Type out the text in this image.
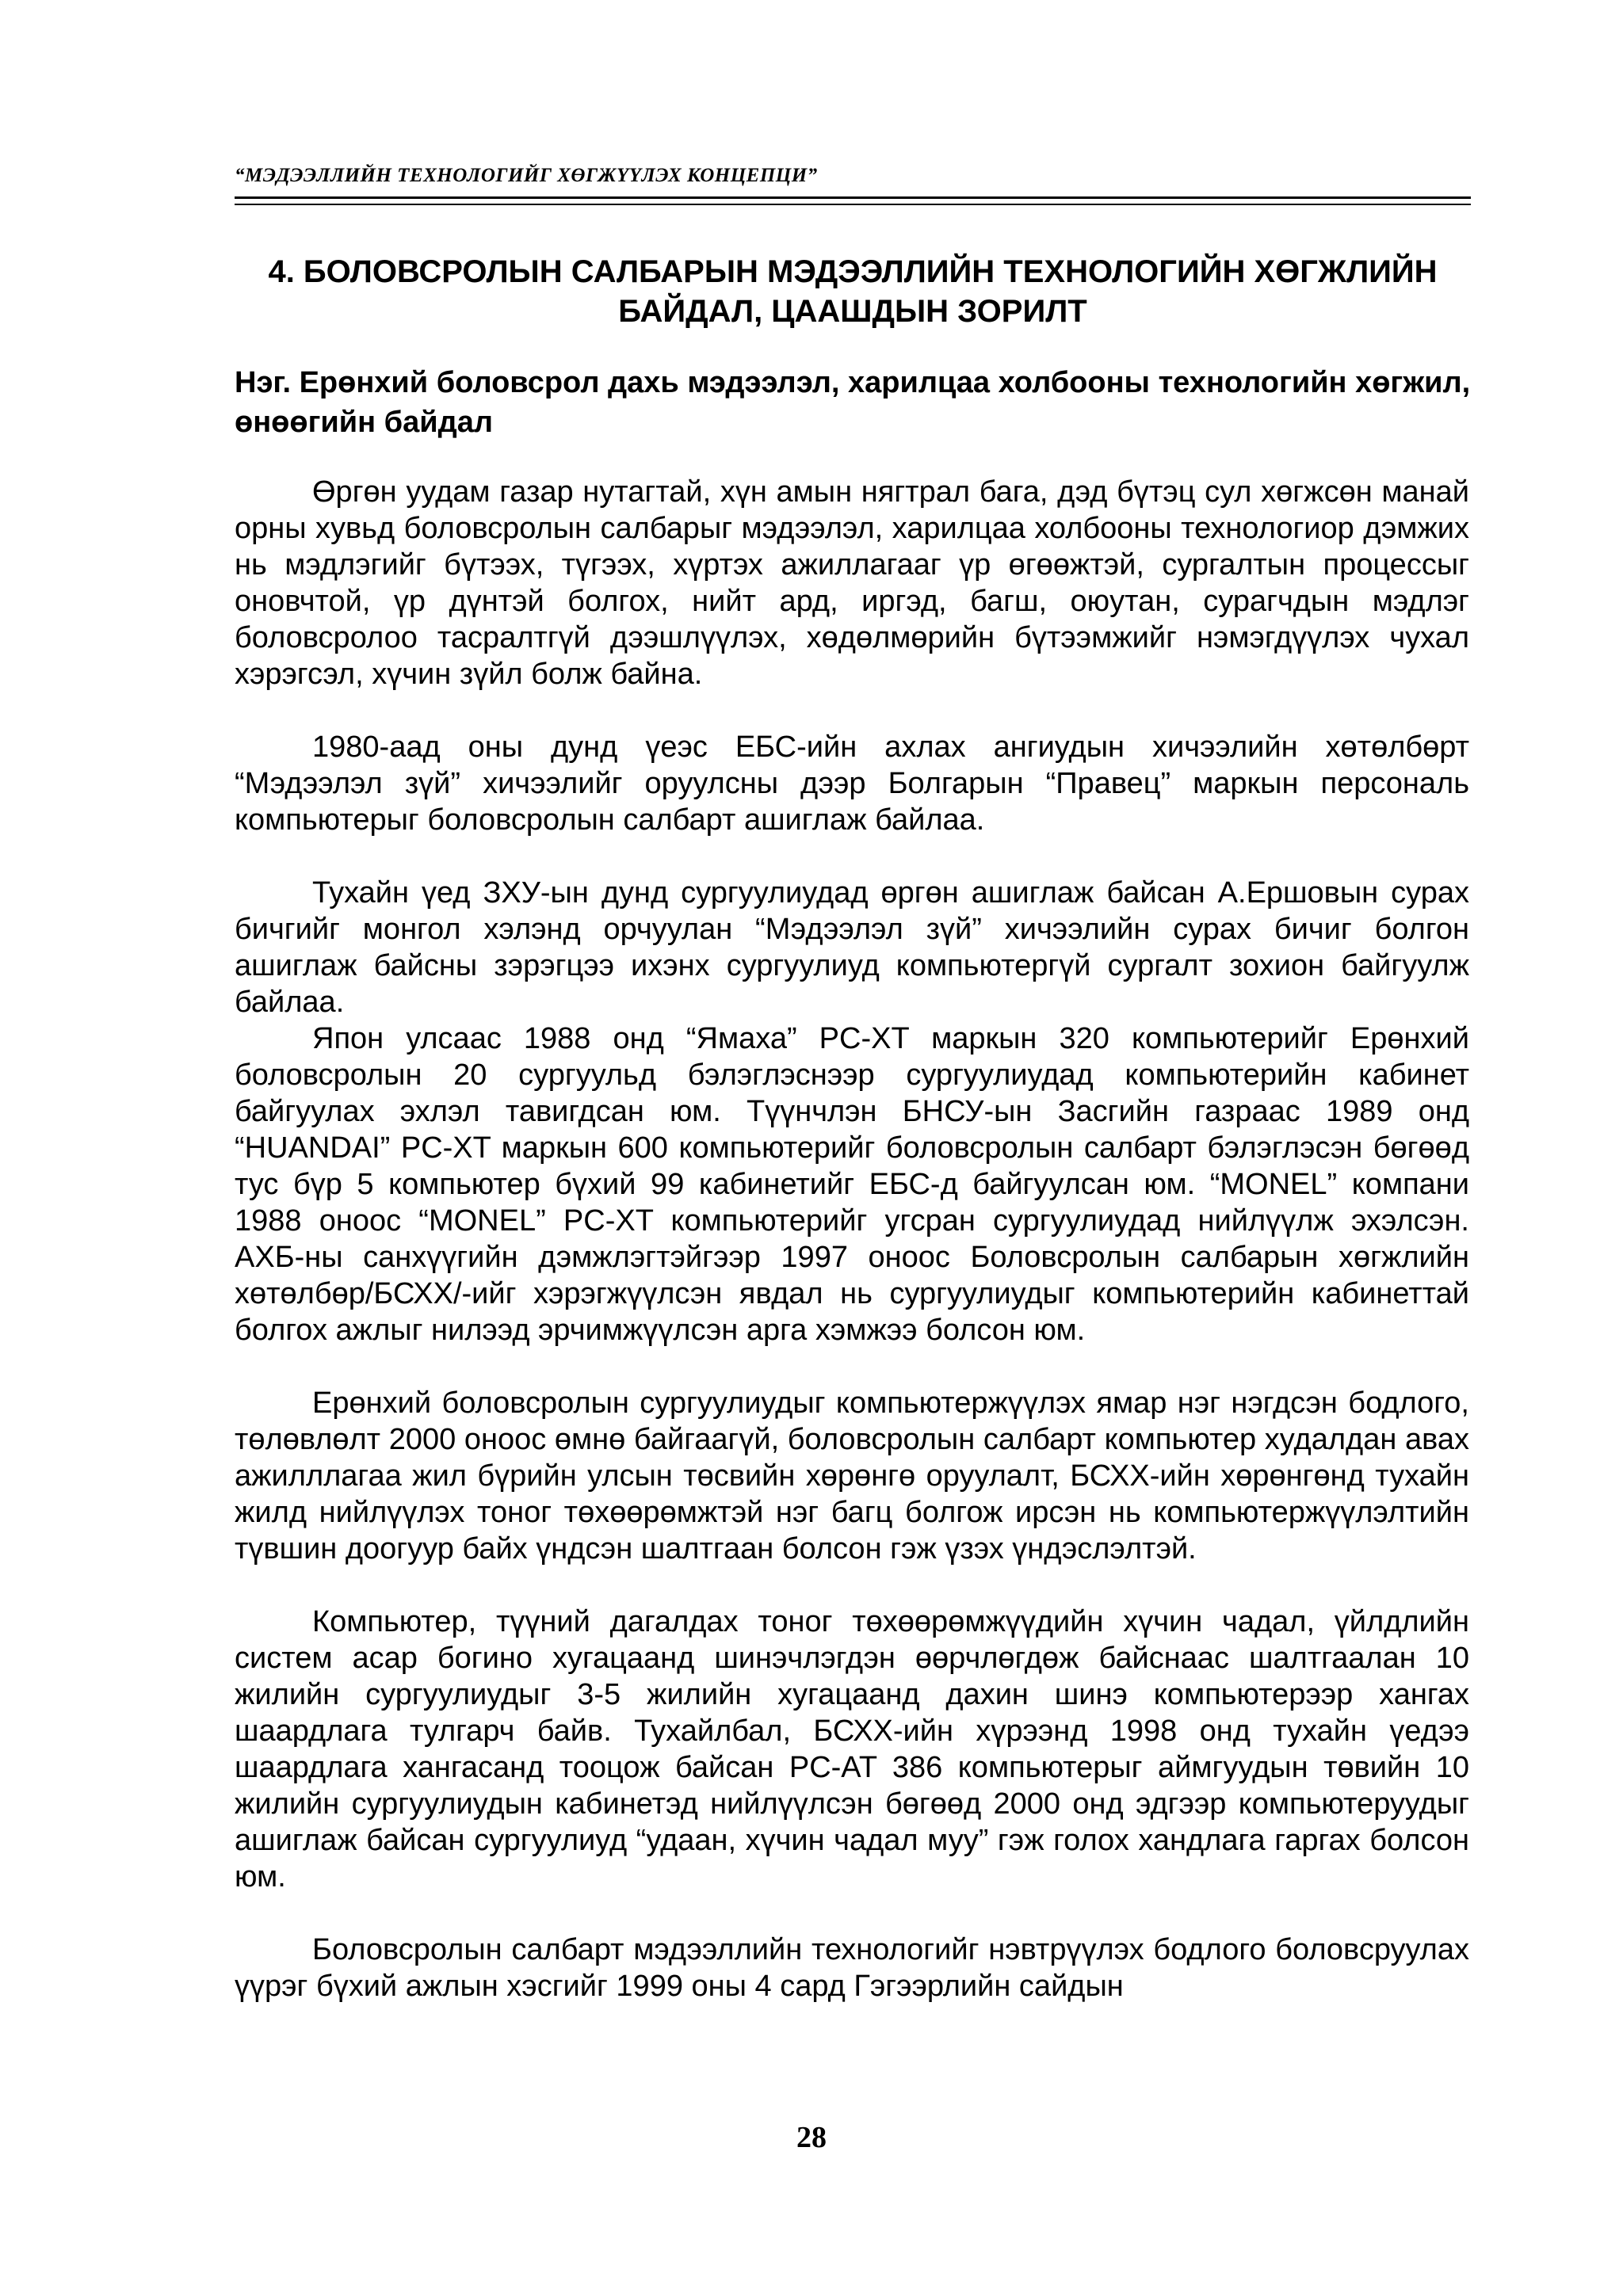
“МЭДЭЭЛЛИЙН ТЕХНОЛОГИЙГ ХӨГЖҮҮЛЭХ КОНЦЕПЦИ”
4. БОЛОВСРОЛЫН САЛБАРЫН МЭДЭЭЛЛИЙН ТЕХНОЛОГИЙН ХӨГЖЛИЙН
БАЙДАЛ, ЦААШДЫН ЗОРИЛТ
Нэг. Ерөнхий боловсрол дахь мэдээлэл, харилцаа холбооны технологийн хөгжил, өнөөгийн байдал

Өргөн уудам газар нутагтай, хүн амын нягтрал бага, дэд бүтэц сул хөгжсөн манай орны хувьд боловсролын салбарыг мэдээлэл, харилцаа холбооны технологиор дэмжих нь мэдлэгийг бүтээх, түгээх, хүртэх ажиллагааг үр өгөөжтэй, сургалтын процессыг оновчтой, үр дүнтэй болгох, нийт ард, иргэд, багш, оюутан, сурагчдын мэдлэг боловсролоо тасралтгүй дээшлүүлэх, хөдөлмөрийн бүтээмжийг нэмэгдүүлэх чухал хэрэгсэл, хүчин зүйл болж байна.

1980-аад оны дунд үеэс ЕБС-ийн ахлах ангиудын хичээлийн хөтөлбөрт “Мэдээлэл зүй” хичээлийг оруулсны дээр Болгарын “Правец” маркын персональ компьютерыг боловсролын салбарт ашиглаж байлаа.

Тухайн үед ЗХУ-ын дунд сургуулиудад өргөн ашиглаж байсан А.Ершовын сурах бичгийг монгол хэлэнд орчуулан “Мэдээлэл зүй” хичээлийн сурах бичиг болгон ашиглаж байсны зэрэгцээ ихэнх сургуулиуд компьютергүй сургалт зохион байгуулж байлаа.

Япон улсаас 1988 онд “Ямаха” PC-XT маркын 320 компьютерийг Ерөнхий боловсролын 20 сургуульд бэлэглэснээр сургуулиудад компьютерийн кабинет байгуулах эхлэл тавигдсан юм. Түүнчлэн БНСУ-ын Засгийн газраас 1989 онд “HUANDAI” PC-XT маркын 600 компьютерийг боловсролын салбарт бэлэглэсэн бөгөөд тус бүр 5 компьютер бүхий 99 кабинетийг ЕБС-д байгуулсан юм. “MONEL” компани 1988 оноос “MONEL” PC-XT компьютерийг угсран сургуулиудад нийлүүлж эхэлсэн. АХБ-ны санхүүгийн дэмжлэгтэйгээр 1997 оноос Боловсролын салбарын хөгжлийн хөтөлбөр/БСХХ/-ийг хэрэгжүүлсэн явдал нь сургуулиудыг компьютерийн кабинеттай болгох ажлыг нилээд эрчимжүүлсэн арга хэмжээ болсон юм.

Ерөнхий боловсролын сургуулиудыг компьютержүүлэх ямар нэг нэгдсэн бодлого, төлөвлөлт 2000 оноос өмнө байгаагүй, боловсролын салбарт компьютер худалдан авах ажилллагаа жил бүрийн улсын төсвийн хөрөнгө оруулалт, БСХХ-ийн хөрөнгөнд тухайн жилд нийлүүлэх тоног төхөөрөмжтэй нэг багц болгож ирсэн нь компьютержүүлэлтийн түвшин доогуур байх үндсэн шалтгаан болсон гэж үзэх үндэслэлтэй.

Компьютер, түүний дагалдах тоног төхөөрөмжүүдийн хүчин чадал, үйлдлийн систем асар богино хугацаанд шинэчлэгдэн өөрчлөгдөж байснаас шалтгаалан 10 жилийн сургуулиудыг 3-5 жилийн хугацаанд дахин шинэ компьютерээр хангах шаардлага тулгарч байв. Тухайлбал, БСХХ-ийн хүрээнд 1998 онд тухайн үедээ шаардлага хангасанд тооцож байсан PC-AT 386 компьютерыг аймгуудын төвийн 10 жилийн сургуулиудын кабинетэд нийлүүлсэн бөгөөд 2000 онд эдгээр компьютеруудыг ашиглаж байсан сургуулиуд “удаан, хүчин чадал муу” гэж голох хандлага гаргах болсон юм.

Боловсролын салбарт мэдээллийн технологийг нэвтрүүлэх бодлого боловсруулах үүрэг бүхий ажлын хэсгийг 1999 оны 4 сард Гэгээрлийн сайдын

28
